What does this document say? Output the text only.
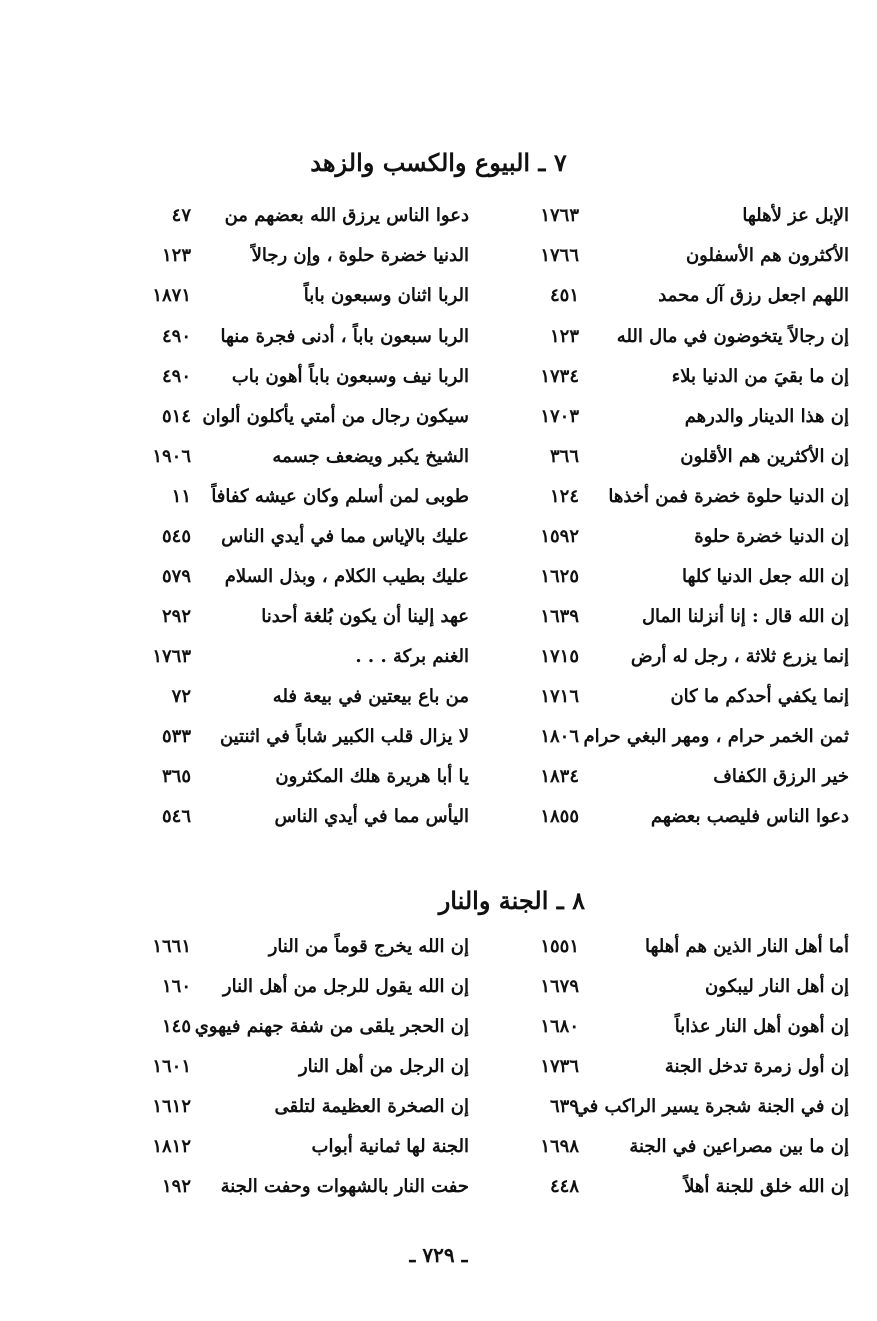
٧ ـ البيوع والكسب والزهد
الإبل عز لأهلها
١٧٦٣
دعوا الناس يرزق الله بعضهم من
٤٧
الأكثرون هم الأسفلون
١٧٦٦
الدنيا خضرة حلوة ، وإن رجالاً
١٢٣
اللهم اجعل رزق آل محمد
٤٥١
الربا اثنان وسبعون باباً
١٨٧١
إن رجالاً يتخوضون في مال الله
١٢٣
الربا سبعون باباً ، أدنى فجرة منها
٤٩٠
إن ما بقيَ من الدنيا بلاء
١٧٣٤
الربا نيف وسبعون باباً أهون باب
٤٩٠
إن هذا الدينار والدرهم
١٧٠٣
سيكون رجال من أمتي يأكلون ألوان
٥١٤
إن الأكثرين هم الأقلون
٣٦٦
الشيخ يكبر ويضعف جسمه
١٩٠٦
إن الدنيا حلوة خضرة فمن أخذها
١٢٤
طوبى لمن أسلم وكان عيشه كفافاً
١١
إن الدنيا خضرة حلوة
١٥٩٢
عليك بالإياس مما في أيدي الناس
٥٤٥
إن الله جعل الدنيا كلها
١٦٢٥
عليك بطيب الكلام ، وبذل السلام
٥٧٩
إن الله قال : إنا أنزلنا المال
١٦٣٩
عهد إلينا أن يكون بُلغة أحدنا
٢٩٢
إنما يزرع ثلاثة ، رجل له أرض
١٧١٥
الغنم بركة . . .
١٧٦٣
إنما يكفي أحدكم ما كان
١٧١٦
من باع بيعتين في بيعة فله
٧٢
ثمن الخمر حرام ، ومهر البغي حرام
١٨٠٦
لا يزال قلب الكبير شاباً في اثنتين
٥٣٣
خير الرزق الكفاف
١٨٣٤
يا أبا هريرة هلك المكثرون
٣٦٥
دعوا الناس فليصب بعضهم
١٨٥٥
اليأس مما في أيدي الناس
٥٤٦
٨ ـ الجنة والنار
أما أهل النار الذين هم أهلها
١٥٥١
إن الله يخرج قوماً من النار
١٦٦١
إن أهل النار ليبكون
١٦٧٩
إن الله يقول للرجل من أهل النار
١٦٠
إن أهون أهل النار عذاباً
١٦٨٠
إن الحجر يلقى من شفة جهنم فيهوي
١٤٥
إن أول زمرة تدخل الجنة
١٧٣٦
إن الرجل من أهل النار
١٦٠١
إن في الجنة شجرة يسير الراكب في
٦٣٩
إن الصخرة العظيمة لتلقى
١٦١٢
إن ما بين مصراعين في الجنة
١٦٩٨
الجنة لها ثمانية أبواب
١٨١٢
إن الله خلق للجنة أهلاً
٤٤٨
حفت النار بالشهوات وحفت الجنة
١٩٢
ـ ٧٢٩ ـ
